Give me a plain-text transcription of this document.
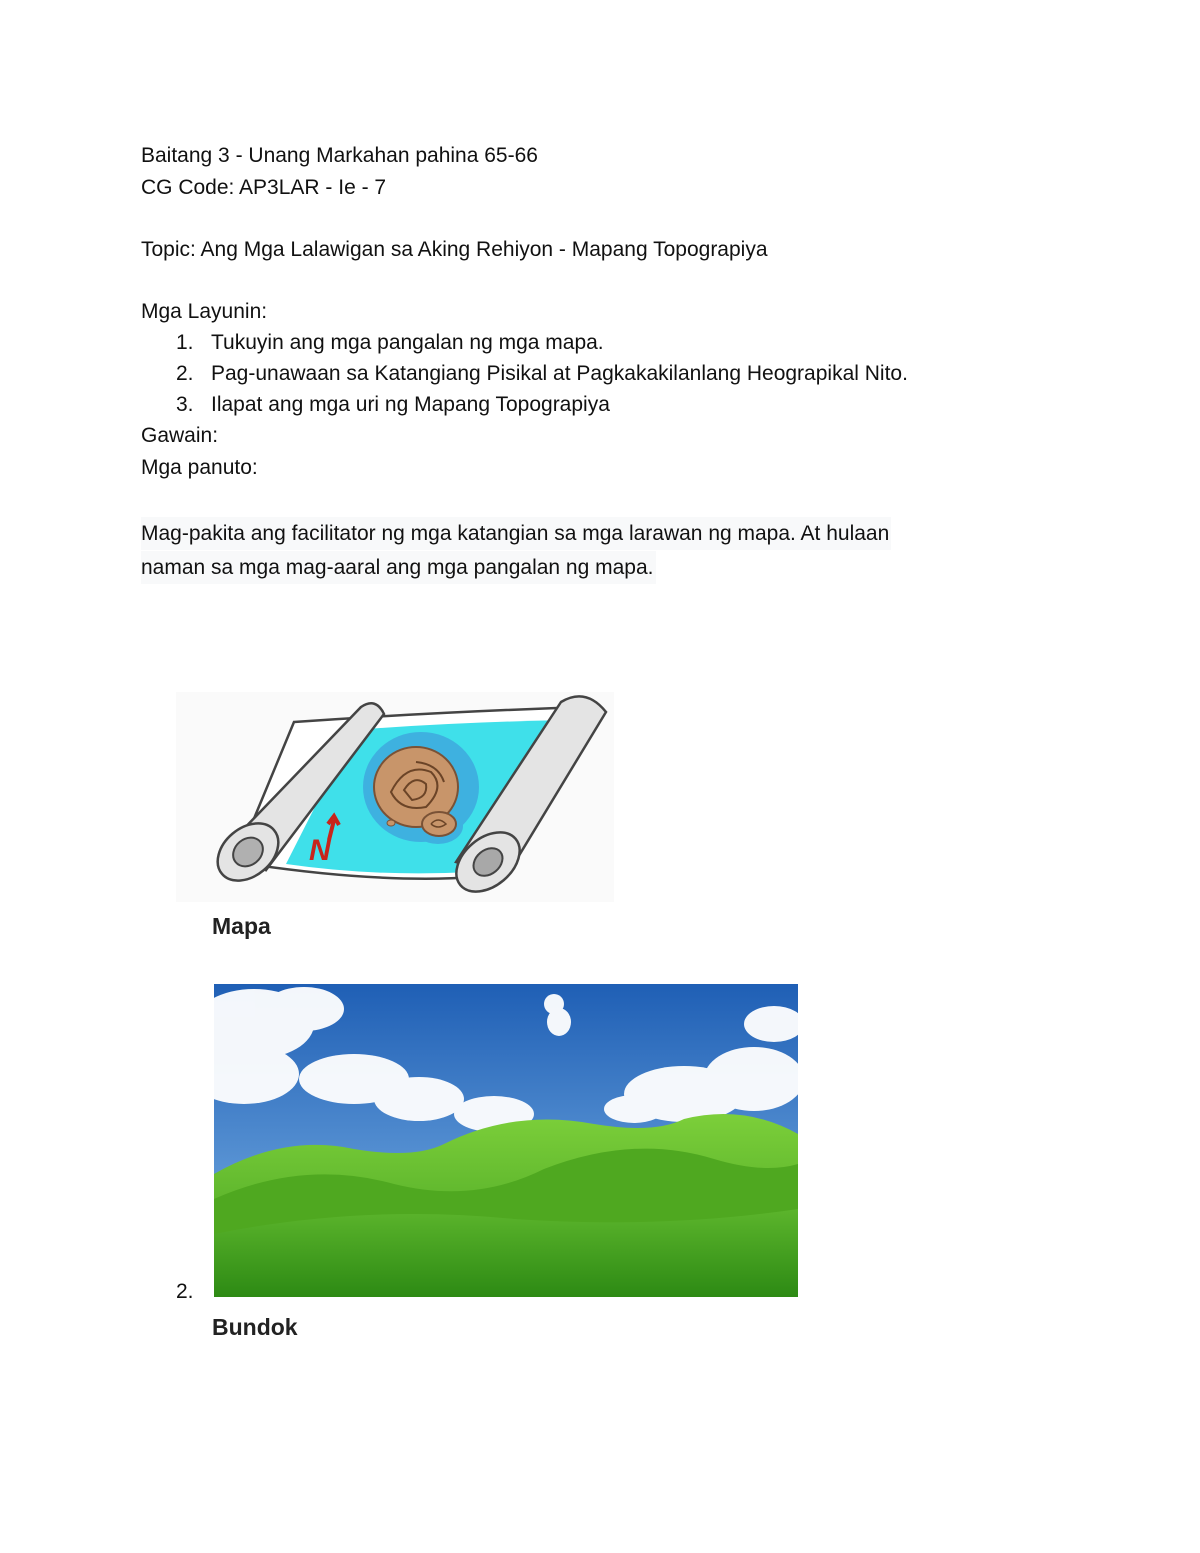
Baitang 3 - Unang Markahan pahina 65-66
CG Code: AP3LAR - Ie - 7
Topic: Ang Mga Lalawigan sa Aking Rehiyon - Mapang Topograpiya
Mga Layunin:
1. Tukuyin ang mga pangalan ng mga mapa.
2. Pag-unawaan sa Katangiang Pisikal at Pagkakakilanlang Heograpikal Nito.
3. Ilapat ang mga uri ng Mapang Topograpiya
Gawain:
Mga panuto:
Mag-pakita ang facilitator ng mga katangian sa mga larawan ng mapa. At hulaan
naman sa mga mag-aaral ang mga pangalan ng mapa.
N
Mapa
2.
Bundok
